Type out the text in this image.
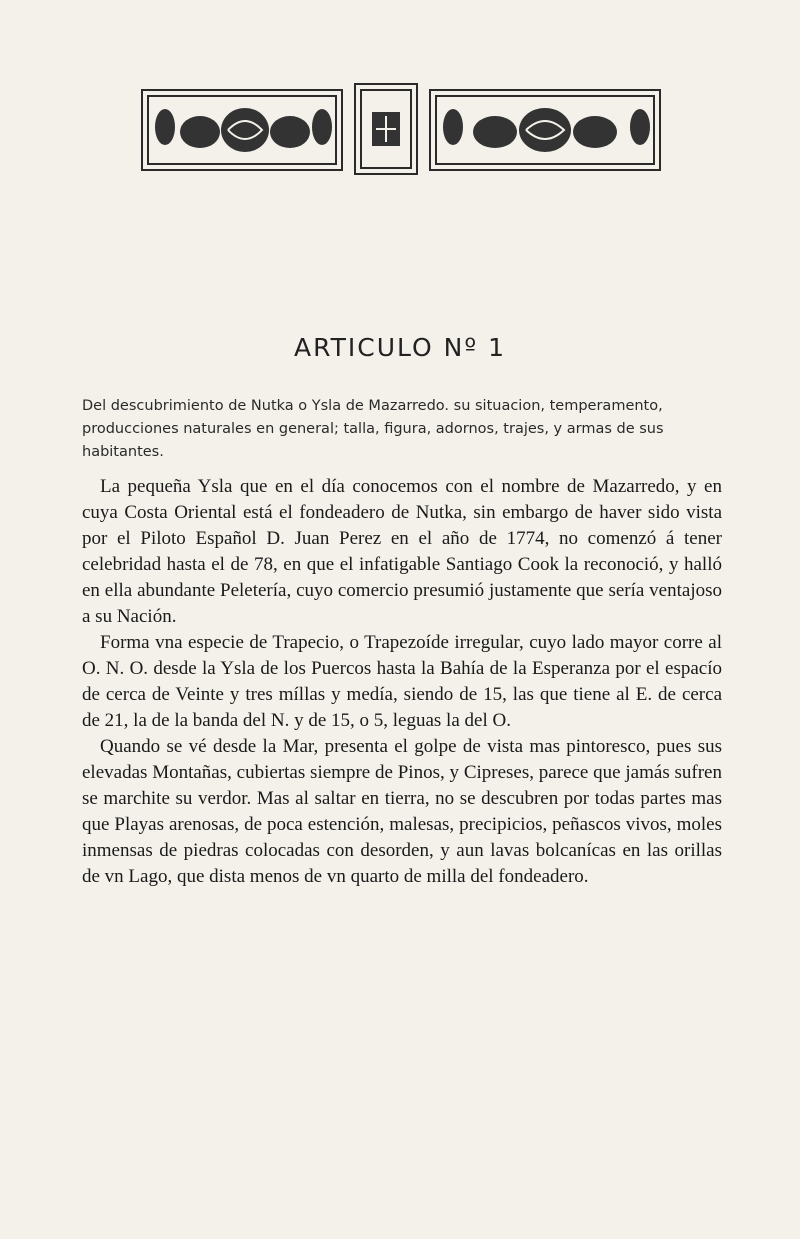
ARTICULO Nº 1

Del descubrimiento de Nutka o Ysla de Mazarredo. su situacion, temperamento, producciones naturales en general; talla, figura, adornos, trajes, y armas de sus habitantes.

La pequeña Ysla que en el día conocemos con el nombre de Mazarredo, y en cuya Costa Oriental está el fondeadero de Nutka, sin embargo de haver sido vista por el Piloto Español D. Juan Perez en el año de 1774, no comenzó á tener celebridad hasta el de 78, en que el infatigable Santiago Cook la reconoció, y halló en ella abundante Peletería, cuyo comercio presumió justamente que sería ventajoso a su Nación.

Forma vna especie de Trapecio, o Trapezoíde irregular, cuyo lado mayor corre al O. N. O. desde la Ysla de los Puercos hasta la Bahía de la Esperanza por el espacío de cerca de Veinte y tres míllas y medía, siendo de 15, las que tiene al E. de cerca de 21, la de la banda del N. y de 15, o 5, leguas la del O.

Quando se vé desde la Mar, presenta el golpe de vista mas pintoresco, pues sus elevadas Montañas, cubiertas siempre de Pinos, y Cipreses, parece que jamás sufren se marchite su verdor. Mas al saltar en tierra, no se descubren por todas partes mas que Playas arenosas, de poca estención, malesas, precipicios, peñascos vivos, moles inmensas de piedras colocadas con desorden, y aun lavas bolcanícas en las orillas de vn Lago, que dista menos de vn quarto de milla del fondeadero.
